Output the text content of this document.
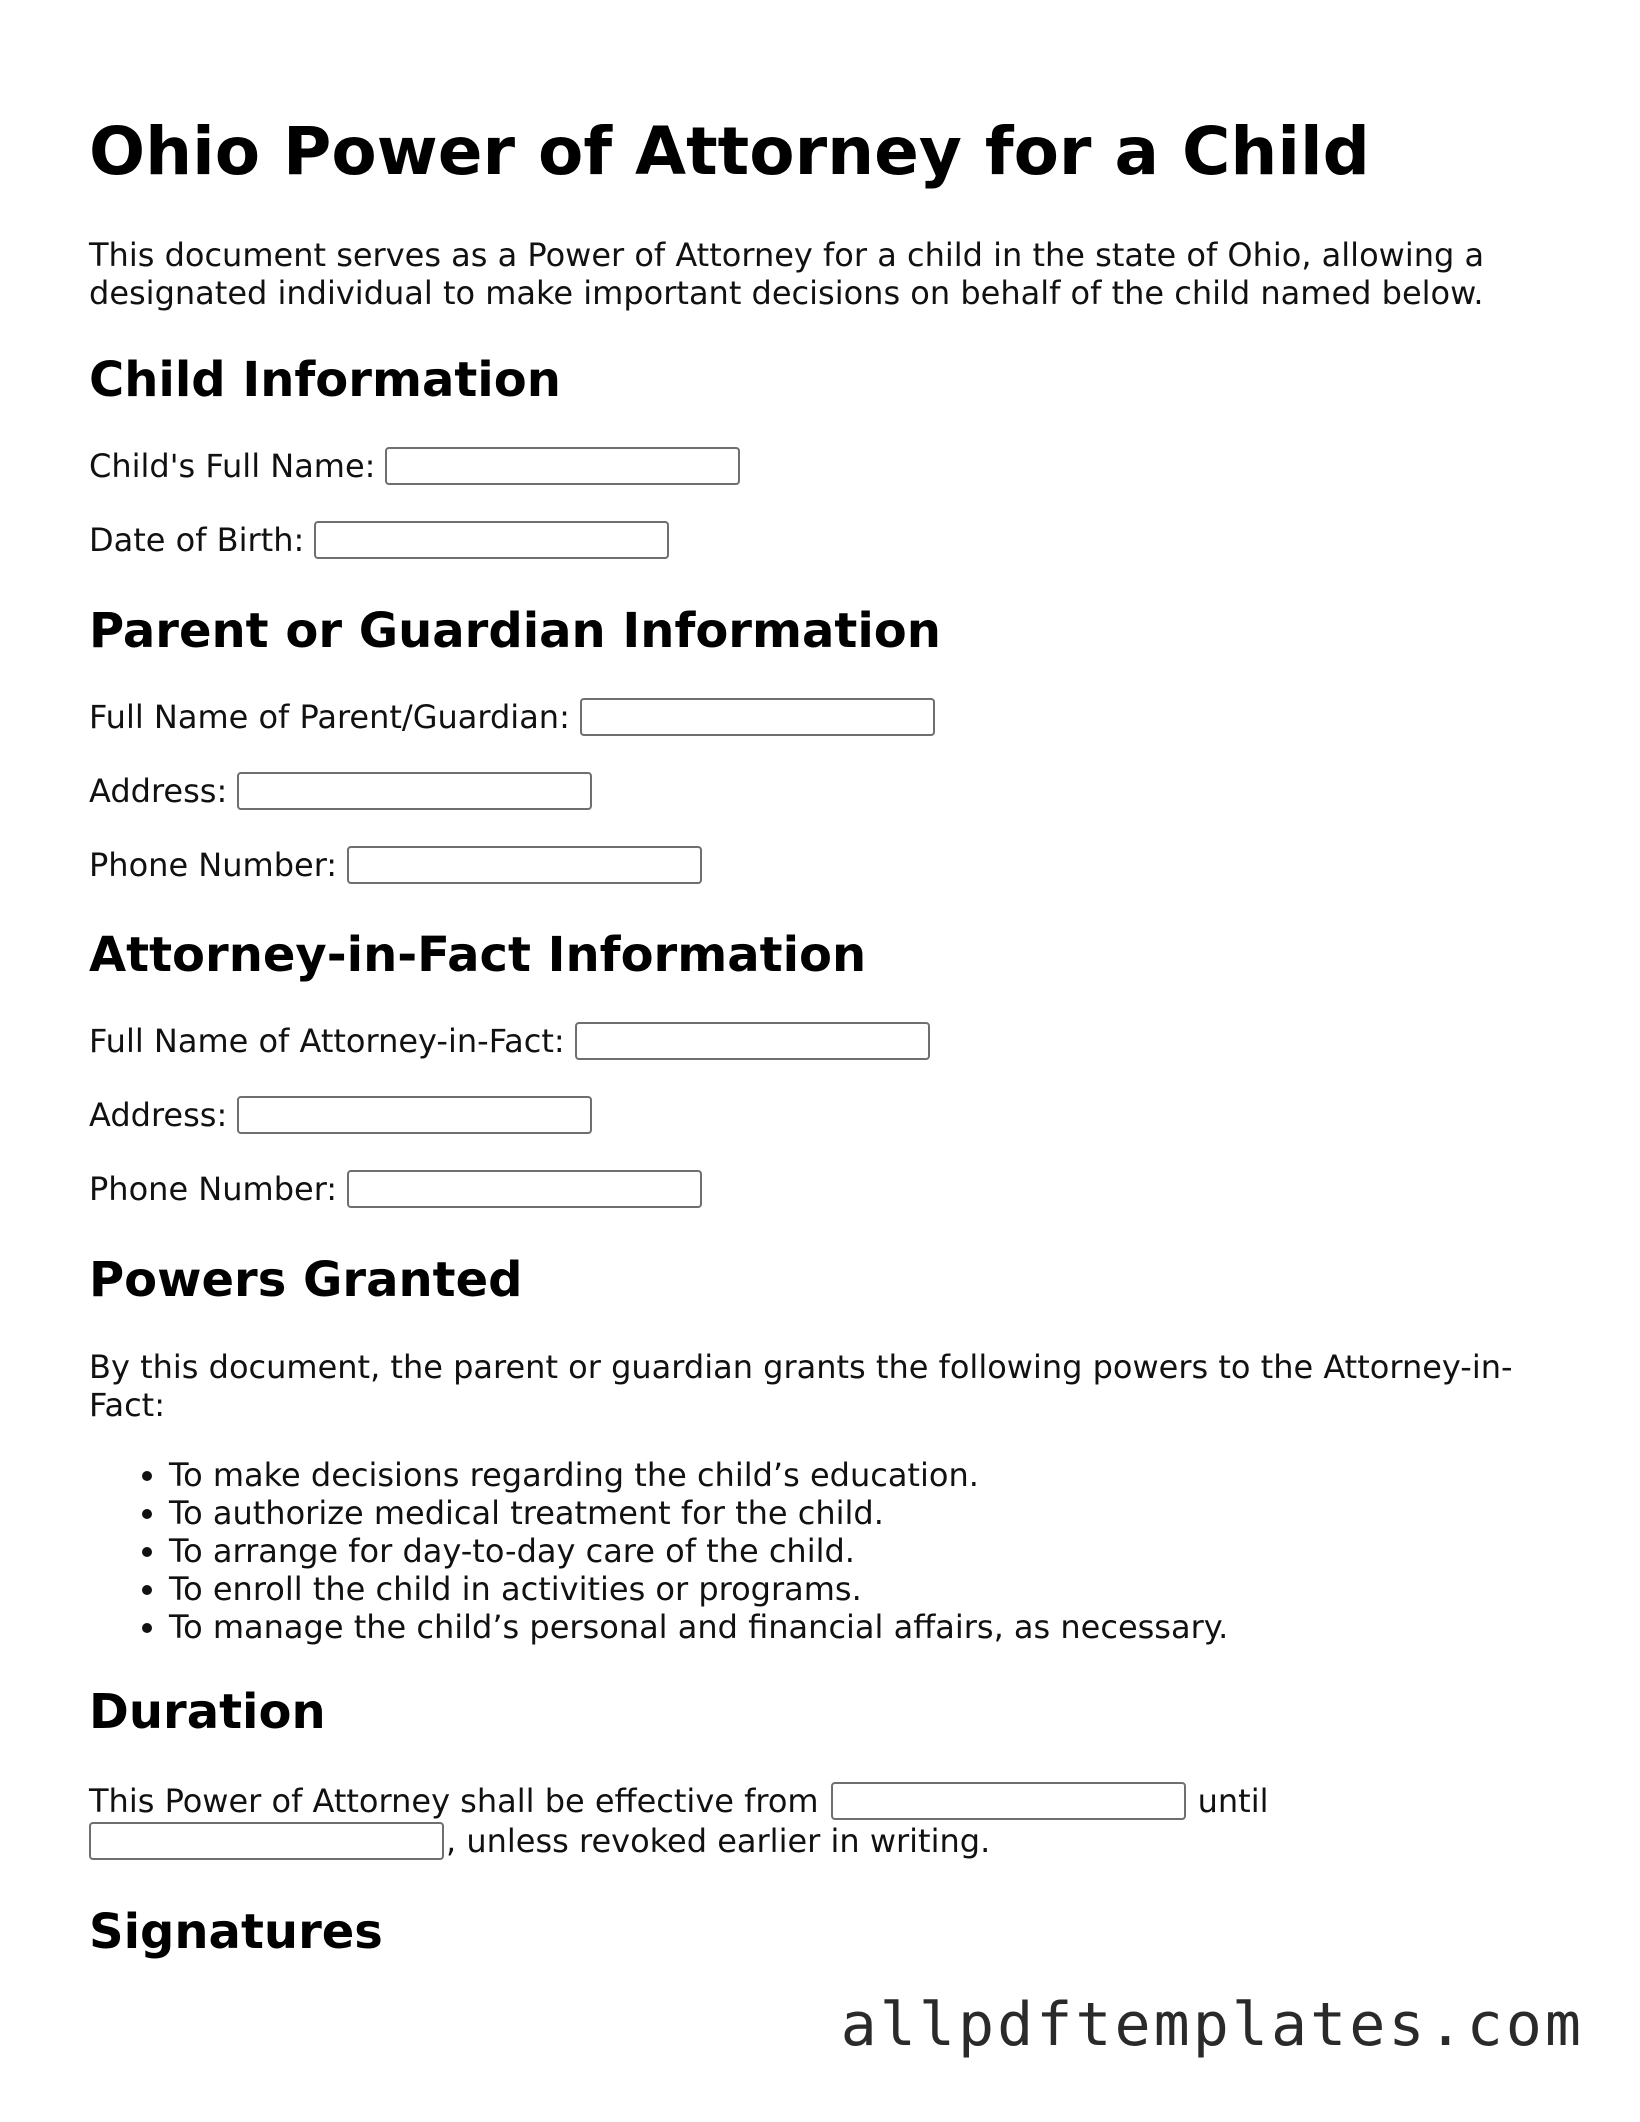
Ohio Power of Attorney for a Child

This document serves as a Power of Attorney for a child in the state of Ohio, allowing a designated individual to make important decisions on behalf of the child named below.

Child Information
Child's Full Name:
Date of Birth:
Parent or Guardian Information
Full Name of Parent/Guardian:
Address:
Phone Number:
Attorney-in-Fact Information
Full Name of Attorney-in-Fact:
Address:
Phone Number:
Powers Granted

By this document, the parent or guardian grants the following powers to the Attorney-in-Fact:

• To make decisions regarding the child’s education.
• To authorize medical treatment for the child.
• To arrange for day-to-day care of the child.
• To enroll the child in activities or programs.
• To manage the child’s personal and financial affairs, as necessary.
Duration
This Power of Attorney shall be effective from	until
, unless revoked earlier in writing.
Signatures
allpdftemplates.com
